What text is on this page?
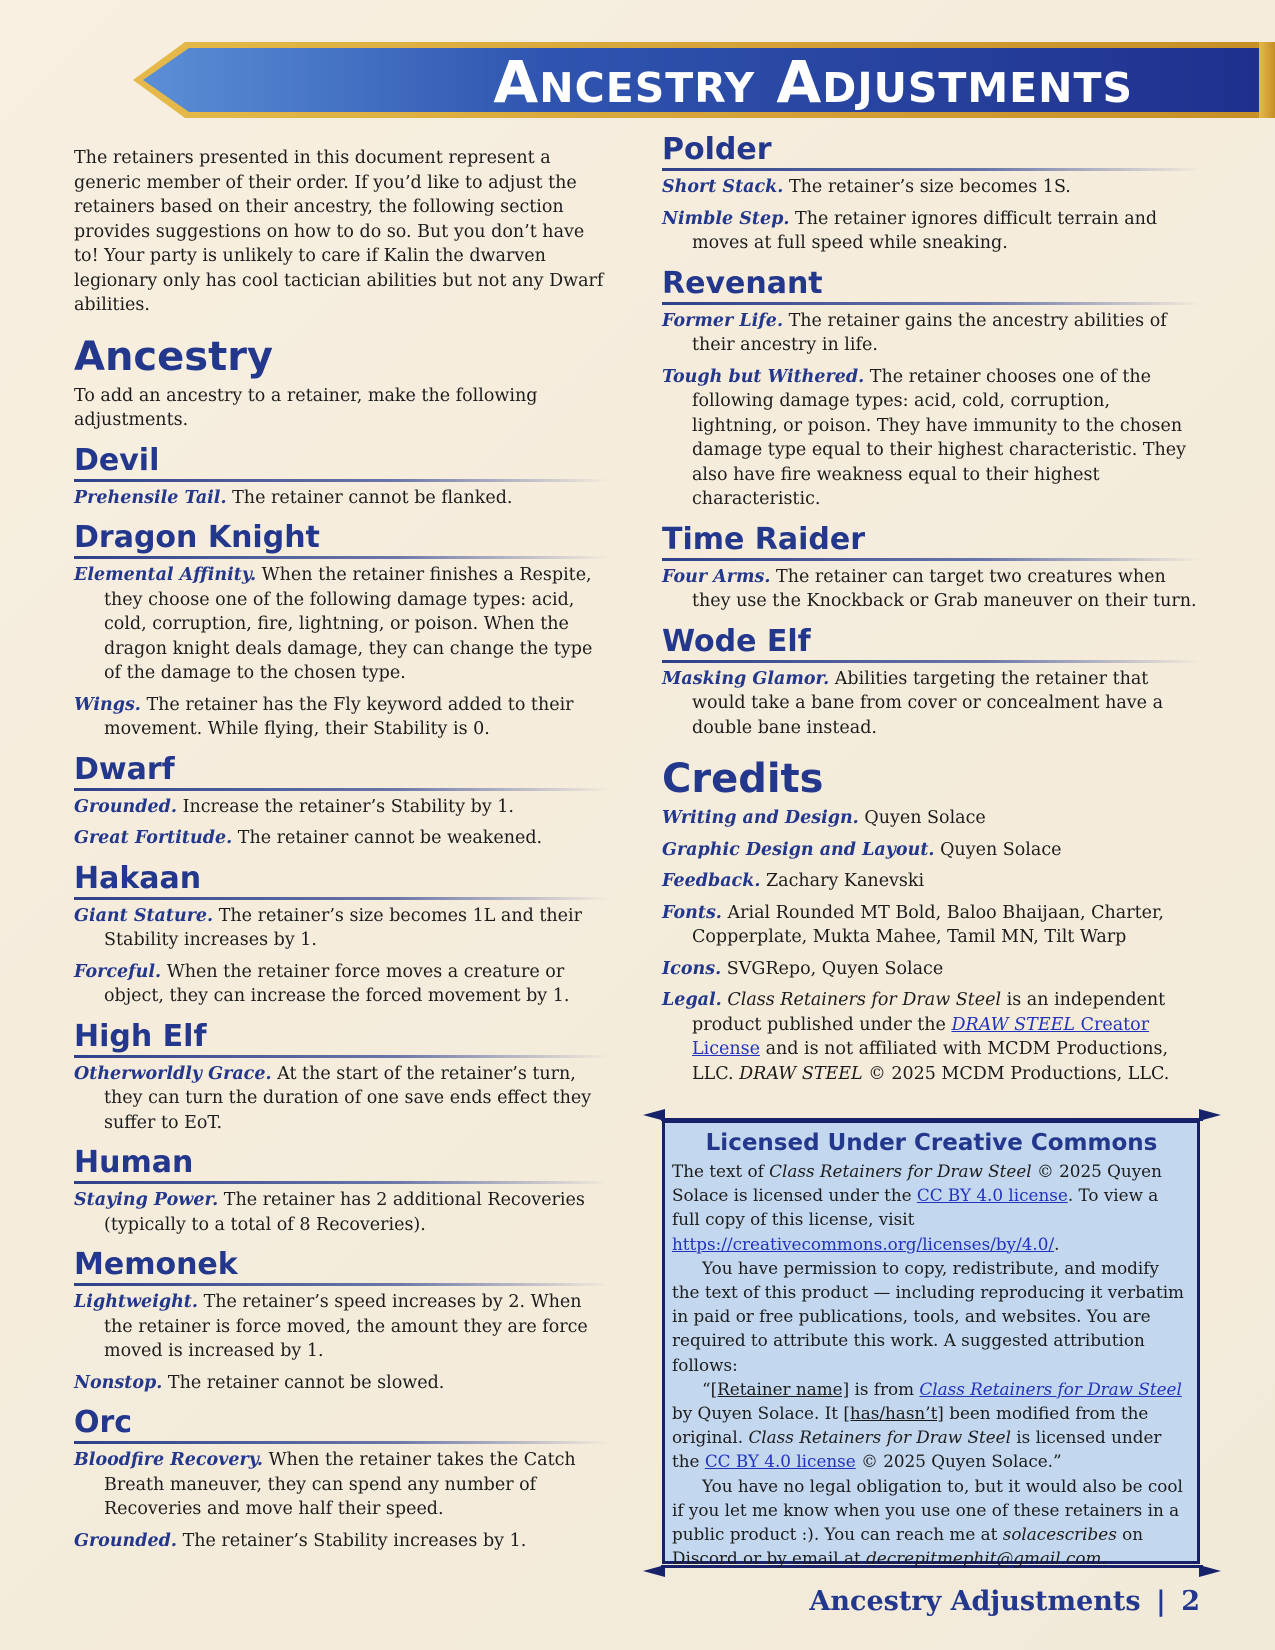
Ancestry Adjustments

The retainers presented in this document represent a generic member of their order. If you’d like to adjust the retainers based on their ancestry, the following section provides suggestions on how to do so. But you don’t have to! Your party is unlikely to care if Kalin the dwarven legionary only has cool tactician abilities but not any Dwarf abilities.

Ancestry

To add an ancestry to a retainer, make the following adjustments.

Devil

Prehensile Tail. The retainer cannot be flanked.

Dragon Knight

Elemental Affinity. When the retainer finishes a Respite, they choose one of the following damage types: acid, cold, corruption, fire, lightning, or poison. When the dragon knight deals damage, they can change the type of the damage to the chosen type.

Wings. The retainer has the Fly keyword added to their movement. While flying, their Stability is 0.

Dwarf

Grounded. Increase the retainer’s Stability by 1.

Great Fortitude. The retainer cannot be weakened.

Hakaan

Giant Stature. The retainer’s size becomes 1L and their Stability increases by 1.

Forceful. When the retainer force moves a creature or object, they can increase the forced movement by 1.

High Elf

Otherworldly Grace. At the start of the retainer’s turn, they can turn the duration of one save ends effect they suffer to EoT.

Human

Staying Power. The retainer has 2 additional Recoveries (typically to a total of 8 Recoveries).

Memonek

Lightweight. The retainer’s speed increases by 2. When the retainer is force moved, the amount they are force moved is increased by 1.

Nonstop. The retainer cannot be slowed.

Orc

Bloodfire Recovery. When the retainer takes the Catch Breath maneuver, they can spend any number of Recoveries and move half their speed.

Grounded. The retainer’s Stability increases by 1.

Polder

Short Stack. The retainer’s size becomes 1S.

Nimble Step. The retainer ignores difficult terrain and moves at full speed while sneaking.

Revenant

Former Life. The retainer gains the ancestry abilities of their ancestry in life.

Tough but Withered. The retainer chooses one of the following damage types: acid, cold, corruption, lightning, or poison. They have immunity to the chosen damage type equal to their highest characteristic. They also have fire weakness equal to their highest characteristic.

Time Raider

Four Arms. The retainer can target two creatures when they use the Knockback or Grab maneuver on their turn.

Wode Elf

Masking Glamor. Abilities targeting the retainer that would take a bane from cover or concealment have a double bane instead.

Credits

Writing and Design. Quyen Solace

Graphic Design and Layout. Quyen Solace

Feedback. Zachary Kanevski

Fonts. Arial Rounded MT Bold, Baloo Bhaijaan, Charter, Copperplate, Mukta Mahee, Tamil MN, Tilt Warp

Icons. SVGRepo, Quyen Solace

Legal. Class Retainers for Draw Steel is an independent product published under the DRAW STEEL Creator License and is not affiliated with MCDM Productions, LLC. DRAW STEEL © 2025 MCDM Productions, LLC.

Licensed Under Creative Commons

The text of Class Retainers for Draw Steel © 2025 Quyen Solace is licensed under the CC BY 4.0 license. To view a full copy of this license, visit https://creativecommons.org/licenses/by/4.0/.

You have permission to copy, redistribute, and modify the text of this product — including reproducing it verbatim in paid or free publications, tools, and websites. You are required to attribute this work. A suggested attribution follows:

“[Retainer name] is from Class Retainers for Draw Steel by Quyen Solace. It [has/hasn’t] been modified from the original. Class Retainers for Draw Steel is licensed under the CC BY 4.0 license © 2025 Quyen Solace.”

You have no legal obligation to, but it would also be cool if you let me know when you use one of these retainers in a public product :). You can reach me at solacescribes on Discord or by email at decrepitmephit@gmail.com.

Ancestry Adjustments | 2
